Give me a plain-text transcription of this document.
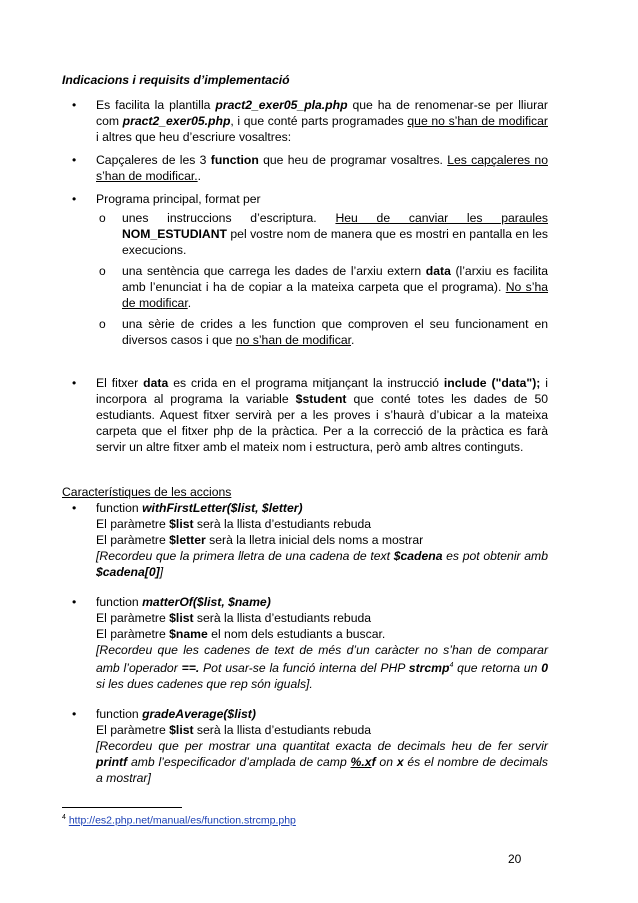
Indicacions i requisits d’implementació

• Es facilita la plantilla pract2_exer05_pla.php que ha de renomenar-se per lliurar com pract2_exer05.php, i que conté parts programades que no s’han de modificar i altres que heu d’escriure vosaltres:
• Capçaleres de les 3 function que heu de programar vosaltres. Les capçaleres no s’han de modificar..
• Programa principal, format per
o unes instruccions d’escriptura. Heu de canviar les paraules NOM_ESTUDIANT pel vostre nom de manera que es mostri en pantalla en les execucions.
o una sentència que carrega les dades de l’arxiu extern data (l’arxiu es facilita amb l’enunciat i ha de copiar a la mateixa carpeta que el programa). No s’ha de modificar.
o una sèrie de crides a les function que comproven el seu funcionament en diversos casos i que no s’han de modificar.
• El fitxer data es crida en el programa mitjançant la instrucció include ("data"); i incorpora al programa la variable $student que conté totes les dades de 50 estudiants. Aquest fitxer servirà per a les proves i s’haurà d’ubicar a la mateixa carpeta que el fitxer php de la pràctica. Per a la correcció de la pràctica es farà servir un altre fitxer amb el mateix nom i estructura, però amb altres continguts.

Característiques de les accions

• function withFirstLetter($list, $letter)
El paràmetre $list serà la llista d’estudiants rebuda
El paràmetre $letter serà la lletra inicial dels noms a mostrar
[Recordeu que la primera lletra de una cadena de text $cadena es pot obtenir amb $cadena[0]]
• function matterOf($list, $name)
El paràmetre $list serà la llista d’estudiants rebuda
El paràmetre $name el nom dels estudiants a buscar.
[Recordeu que les cadenes de text de més d’un caràcter no s’han de comparar amb l’operador ==. Pot usar-se la funció interna del PHP strcmp$^4$ que retorna un 0 si les dues cadenes que rep són iguals].
• function gradeAverage($list)
El paràmetre $list serà la llista d’estudiants rebuda
[Recordeu que per mostrar una quantitat exacta de decimals heu de fer servir printf amb l’especificador d’amplada de camp %.xf on x és el nombre de decimals a mostrar]
$^4$ http://es2.php.net/manual/es/function.strcmp.php
20
